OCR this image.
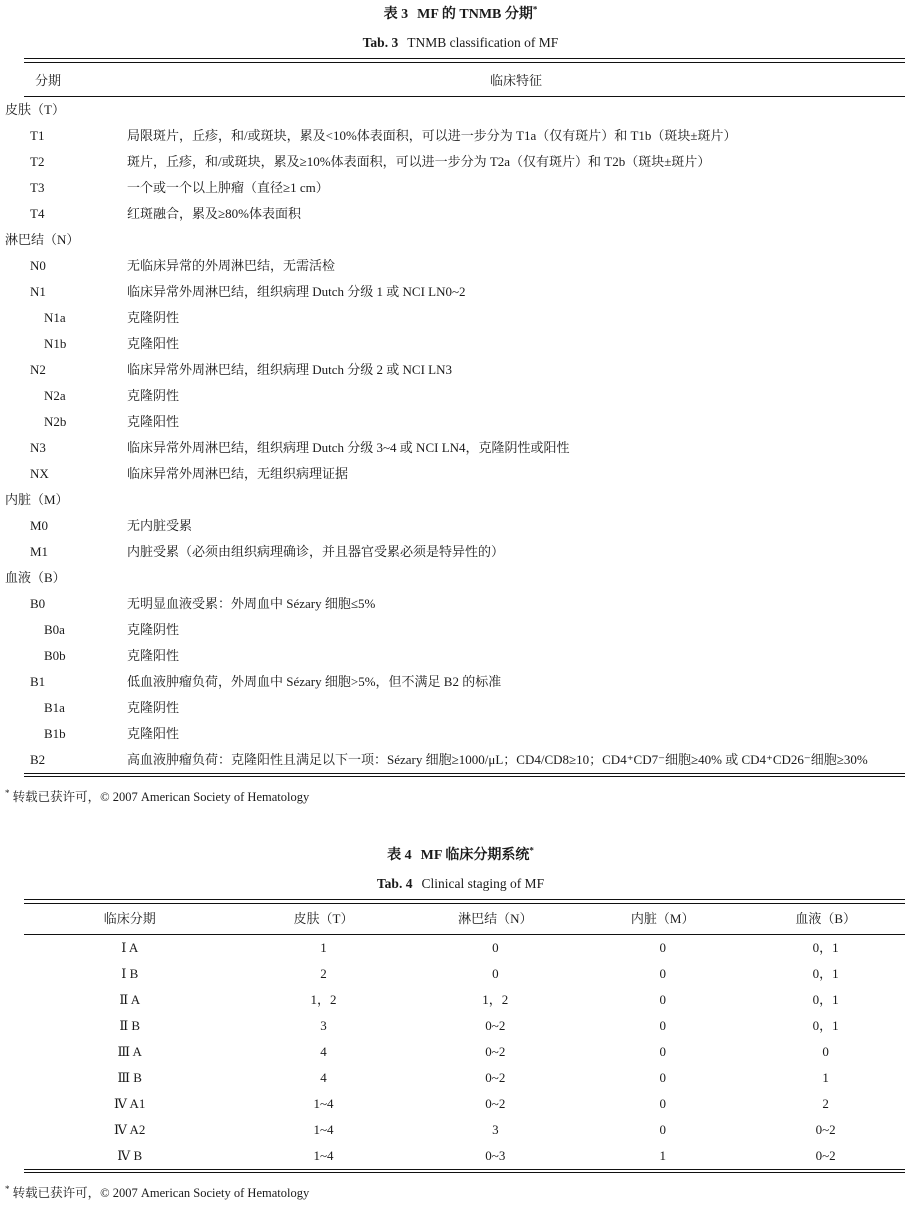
表 3 MF 的 TNMB 分期*
Tab. 3 TNMB classification of MF
分期	临床特征
皮肤（T）
T1	局限斑片，丘疹，和/或斑块，累及<10%体表面积，可以进一步分为 T1a（仅有斑片）和 T1b（斑块±斑片）
T2	斑片，丘疹，和/或斑块，累及≥10%体表面积，可以进一步分为 T2a（仅有斑片）和 T2b（斑块±斑片）
T3	一个或一个以上肿瘤（直径≥1 cm）
T4	红斑融合，累及≥80%体表面积
淋巴结（N）
N0	无临床异常的外周淋巴结，无需活检
N1	临床异常外周淋巴结，组织病理 Dutch 分级 1 或 NCI LN0~2
N1a	克隆阴性
N1b	克隆阳性
N2	临床异常外周淋巴结，组织病理 Dutch 分级 2 或 NCI LN3
N2a	克隆阴性
N2b	克隆阳性
N3	临床异常外周淋巴结，组织病理 Dutch 分级 3~4 或 NCI LN4，克隆阴性或阳性
NX	临床异常外周淋巴结，无组织病理证据
内脏（M）
M0	无内脏受累
M1	内脏受累（必须由组织病理确诊，并且器官受累必须是特异性的）
血液（B）
B0	无明显血液受累：外周血中 Sézary 细胞≤5%
B0a	克隆阴性
B0b	克隆阳性
B1	低血液肿瘤负荷，外周血中 Sézary 细胞>5%，但不满足 B2 的标准
B1a	克隆阴性
B1b	克隆阳性
B2	高血液肿瘤负荷：克隆阳性且满足以下一项：Sézary 细胞≥1000/μL；CD4/CD8≥10；CD4⁺CD7⁻细胞≥40% 或 CD4⁺CD26⁻细胞≥30%
* 转载已获许可，© 2007 American Society of Hematology
表 4 MF 临床分期系统*
Tab. 4 Clinical staging of MF
临床分期	皮肤（T）	淋巴结（N）	内脏（M）	血液（B）
Ⅰ A	1	0	0	0，1
Ⅰ B	2	0	0	0，1
Ⅱ A	1，2	1，2	0	0，1
Ⅱ B	3	0~2	0	0，1
Ⅲ A	4	0~2	0	0
Ⅲ B	4	0~2	0	1
Ⅳ A1	1~4	0~2	0	2
Ⅳ A2	1~4	3	0	0~2
Ⅳ B	1~4	0~3	1	0~2
* 转载已获许可，© 2007 American Society of Hematology
